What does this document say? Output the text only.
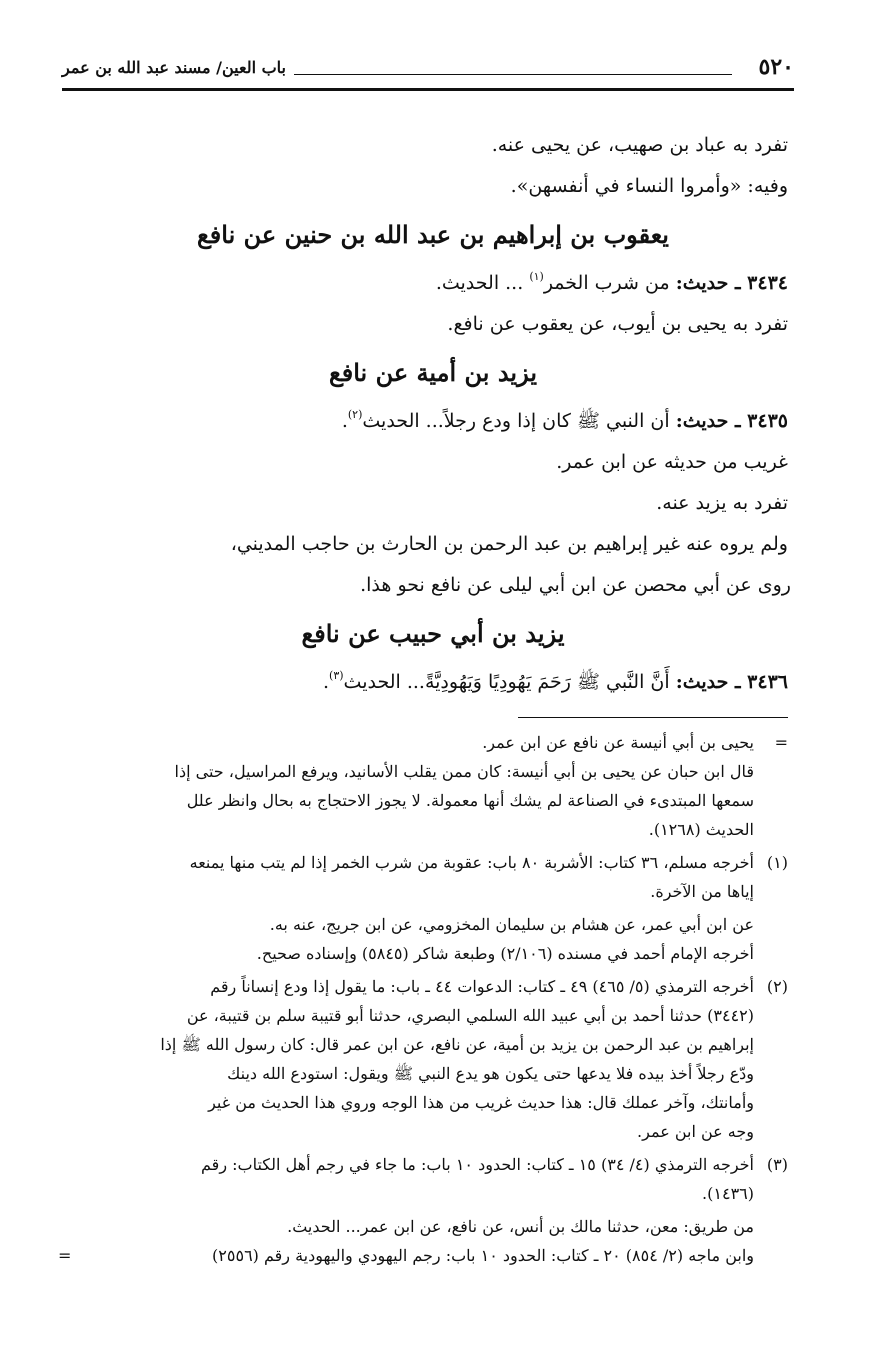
٥٢٠
باب العين/ مسند عبد الله بن عمر

تفرد به عباد بن صهيب، عن يحيى عنه.

وفيه: «وأمروا النساء في أنفسهن».

يعقوب بن إبراهيم بن عبد الله بن حنين عن نافع

٣٤٣٤ ـ حديث: من شرب الخمر$^{(١)}$ ... الحديث.

تفرد به يحيى بن أيوب، عن يعقوب عن نافع.

يزيد بن أمية عن نافع

٣٤٣٥ ـ حديث: أن النبي ﷺ كان إذا ودع رجلاً... الحديث$^{(٢)}$.

غريب من حديثه عن ابن عمر.

تفرد به يزيد عنه.

ولم يروه عنه غير إبراهيم بن عبد الرحمن بن الحارث بن حاجب المديني،

روى عن أبي محصن عن ابن أبي ليلى عن نافع نحو هذا.

يزيد بن أبي حبيب عن نافع

٣٤٣٦ ـ حديث: أَنَّ النَّبي ﷺ رَحَمَ يَهُودِيًا وَيَهُودِيَّةً... الحديث$^{(٣)}$.

=
يحيى بن أبي أنيسة عن نافع عن ابن عمر.
قال ابن حبان عن يحيى بن أبي أنيسة: كان ممن يقلب الأسانيد، ويرفع المراسيل، حتى إذا
سمعها المبتدىء في الصناعة لم يشك أنها معمولة. لا يجوز الاحتجاج به بحال وانظر علل
الحديث (١٢٦٨).
(١)
أخرجه مسلم، ٣٦ كتاب: الأشربة ٨٠ باب: عقوبة من شرب الخمر إذا لم يتب منها يمنعه
إياها من الآخرة.
عن ابن أبي عمر، عن هشام بن سليمان المخزومي، عن ابن جريج، عنه به.
أخرجه الإمام أحمد في مسنده (٢/١٠٦) وطبعة شاكر (٥٨٤٥) وإسناده صحيح.
(٢)
أخرجه الترمذي (٥/ ٤٦٥) ٤٩ ـ كتاب: الدعوات ٤٤ ـ باب: ما يقول إذا ودع إنساناً رقم
(٣٤٤٢) حدثنا أحمد بن أبي عبيد الله السلمي البصري، حدثنا أبو قتيبة سلم بن قتيبة، عن
إبراهيم بن عبد الرحمن بن يزيد بن أمية، عن نافع، عن ابن عمر قال: كان رسول الله ﷺ إذا
ودّع رجلاً أخذ بيده فلا يدعها حتى يكون هو يدع النبي ﷺ ويقول: استودع الله دينك
وأمانتك، وآخر عملك قال: هذا حديث غريب من هذا الوجه وروي هذا الحديث من غير
وجه عن ابن عمر.
(٣)
أخرجه الترمذي (٤/ ٣٤) ١٥ ـ كتاب: الحدود ١٠ باب: ما جاء في رجم أهل الكتاب: رقم
(١٤٣٦).
من طريق: معن، حدثنا مالك بن أنس، عن نافع، عن ابن عمر... الحديث.
وابن ماجه (٢/ ٨٥٤) ٢٠ ـ كتاب: الحدود ١٠ باب: رجم اليهودي واليهودية رقم (٢٥٥٦)
=
